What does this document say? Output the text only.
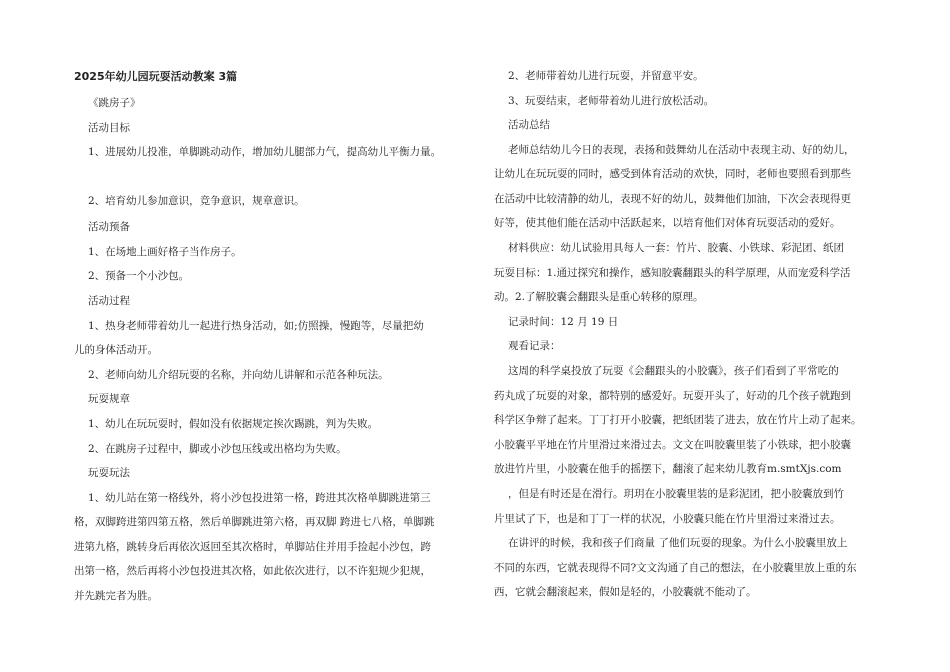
2025年幼儿园玩耍活动教案 3篇
《跳房子》
活动目标
1、进展幼儿投准，单脚跳动动作，增加幼儿腿部力气，提高幼儿平衡力量。
2、培育幼儿参加意识，竞争意识，规章意识。
活动预备
1、在场地上画好格子当作房子。
2、预备一个小沙包。
活动过程
1、热身老师带着幼儿一起进行热身活动，如;仿照操，慢跑等，尽量把幼
儿的身体活动开。
2、老师向幼儿介绍玩耍的名称，并向幼儿讲解和示范各种玩法。
玩耍规章
1、幼儿在玩玩耍时，假如没有依据规定挨次踢跳，判为失败。
2、在跳房子过程中，脚或小沙包压线或出格均为失败。
玩耍玩法
1、幼儿站在第一格线外，将小沙包投进第一格，跨进其次格单脚跳进第三
格，双脚跨进第四第五格，然后单脚跳进第六格，再双脚 跨进七八格，单脚跳
进第九格，跳转身后再依次返回至其次格时，单脚站住并用手捡起小沙包，跨
出第一格，然后再将小沙包投进其次格，如此依次进行，以不许犯规少犯规，
并先跳完者为胜。
2、老师带着幼儿进行玩耍，并留意平安。
3、玩耍结束，老师带着幼儿进行放松活动。
活动总结
老师总结幼儿今日的表现，表扬和鼓舞幼儿在活动中表现主动、好的幼儿，
让幼儿在玩玩耍的同时，感受到体育活动的欢快，同时，老师也要照看到那些
在活动中比较清静的幼儿，表现不好的幼儿，鼓舞他们加油，下次会表现得更
好等，使其他们能在活动中活跃起来，以培育他们对体育玩耍活动的爱好。
材料供应：幼儿试验用具每人一套：竹片、胶囊、小铁球、彩泥团、纸团
玩耍目标：1.通过探究和操作，感知胶囊翻跟头的科学原理，从而宠爱科学活
动。2.了解胶囊会翻跟头是重心转移的原理。
记录时间：12 月 19 日
观看记录：
这周的科学桌投放了玩耍《会翻跟头的小胶囊》，孩子们看到了平常吃的
药丸成了玩耍的对象，都特别的感爱好。玩耍开头了，好动的几个孩子就跑到
科学区争辩了起来。丁丁打开小胶囊，把纸团装了进去，放在竹片上动了起来。
小胶囊平平地在竹片里滑过来滑过去。文文在叫胶囊里装了小铁球，把小胶囊
放进竹片里，小胶囊在他手的摇摆下，翻滚了起来幼儿教育m.smtXjs.com
，但是有时还是在滑行。玥玥在小胶囊里装的是彩泥团，把小胶囊放到竹
片里试了下，也是和丁丁一样的状况，小胶囊只能在竹片里滑过来滑过去。
在讲评的时候，我和孩子们商量 了他们玩耍的现象。为什么小胶囊里放上
不同的东西，它就表现得不同?文文沟通了自己的想法，在小胶囊里放上重的东
西，它就会翻滚起来，假如是轻的，小胶囊就不能动了。
